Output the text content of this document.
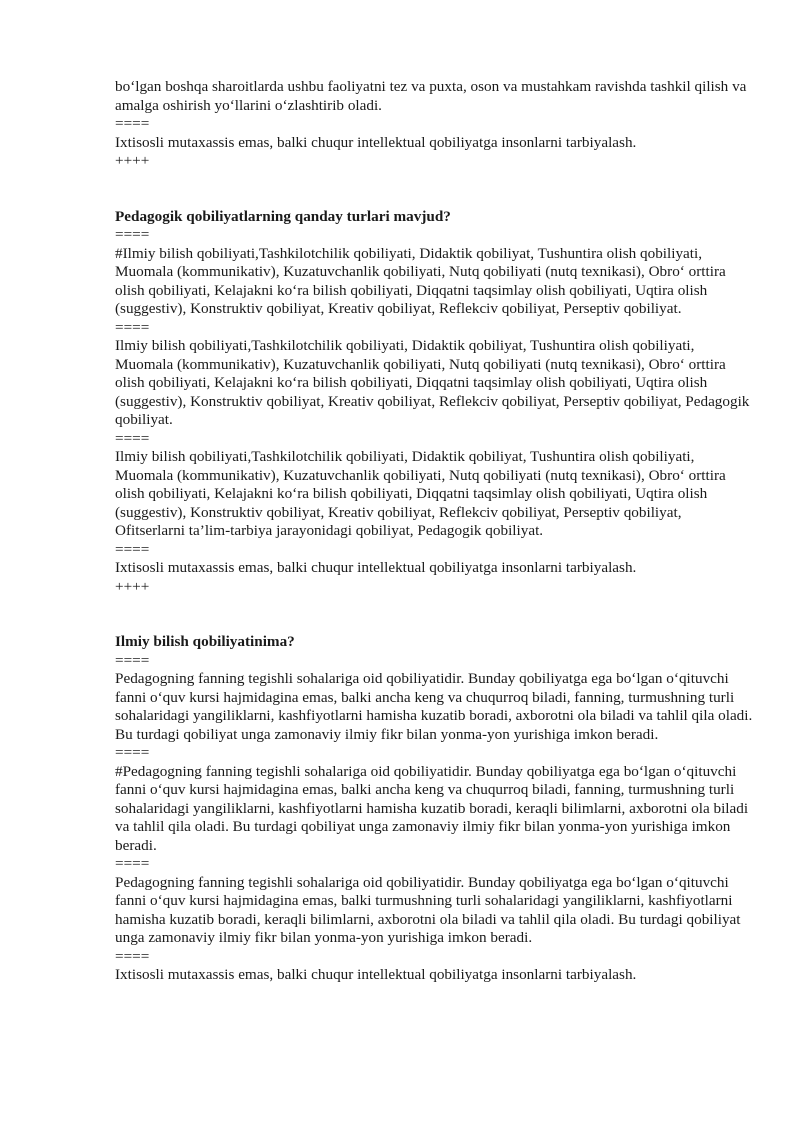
bo‘lgan boshqa sharoitlarda ushbu faoliyatni tez va puxta, oson va mustahkam ravishda tashkil qilish va amalga oshirish yo‘llarini o‘zlashtirib oladi.

====

Ixtisosli mutaxassis emas, balki chuqur intellektual qobiliyatga insonlarni tarbiyalash.

++++

Pedagogik qobiliyatlarning qanday turlari mavjud?

====

#Ilmiy bilish qobiliyati,Tashkilotchilik qobiliyati, Didaktik qobiliyat, Tushuntira olish qobiliyati, Muomala (kommunikativ), Kuzatuvchanlik qobiliyati, Nutq qobiliyati (nutq texnikasi), Obro‘ orttira olish qobiliyati, Kelajakni ko‘ra bilish qobiliyati, Diqqatni taqsimlay olish qobiliyati, Uqtira olish (suggestiv), Konstruktiv qobiliyat, Kreativ qobiliyat, Reflekciv qobiliyat, Perseptiv qobiliyat.

====

Ilmiy bilish qobiliyati,Tashkilotchilik qobiliyati, Didaktik qobiliyat, Tushuntira olish qobiliyati, Muomala (kommunikativ), Kuzatuvchanlik qobiliyati, Nutq qobiliyati (nutq texnikasi), Obro‘ orttira olish qobiliyati, Kelajakni ko‘ra bilish qobiliyati, Diqqatni taqsimlay olish qobiliyati, Uqtira olish (suggestiv), Konstruktiv qobiliyat, Kreativ qobiliyat, Reflekciv qobiliyat, Perseptiv qobiliyat, Pedagogik qobiliyat.

====

Ilmiy bilish qobiliyati,Tashkilotchilik qobiliyati, Didaktik qobiliyat, Tushuntira olish qobiliyati, Muomala (kommunikativ), Kuzatuvchanlik qobiliyati, Nutq qobiliyati (nutq texnikasi), Obro‘ orttira olish qobiliyati, Kelajakni ko‘ra bilish qobiliyati, Diqqatni taqsimlay olish qobiliyati, Uqtira olish (suggestiv), Konstruktiv qobiliyat, Kreativ qobiliyat, Reflekciv qobiliyat, Perseptiv qobiliyat, Ofitserlarni ta’lim-tarbiya jarayonidagi qobiliyat, Pedagogik qobiliyat.

====

Ixtisosli mutaxassis emas, balki chuqur intellektual qobiliyatga insonlarni tarbiyalash.

++++

Ilmiy bilish qobiliyatinima?

====

Pedagogning fanning tegishli sohalariga oid qobiliyatidir. Bunday qobiliyatga ega bo‘lgan o‘qituvchi fanni o‘quv kursi hajmidagina emas, balki ancha keng va chuqurroq biladi, fanning, turmushning turli sohalaridagi yangiliklarni, kashfiyotlarni hamisha kuzatib boradi, axborotni ola biladi va tahlil qila oladi. Bu turdagi qobiliyat unga zamonaviy ilmiy fikr bilan yonma-yon yurishiga imkon beradi.

====

#Pedagogning fanning tegishli sohalariga oid qobiliyatidir. Bunday qobiliyatga ega bo‘lgan o‘qituvchi fanni o‘quv kursi hajmidagina emas, balki ancha keng va chuqurroq biladi, fanning, turmushning turli sohalaridagi yangiliklarni, kashfiyotlarni hamisha kuzatib boradi, keraqli bilimlarni, axborotni ola biladi va tahlil qila oladi. Bu turdagi qobiliyat unga zamonaviy ilmiy fikr bilan yonma-yon yurishiga imkon beradi.

====

Pedagogning fanning tegishli sohalariga oid qobiliyatidir. Bunday qobiliyatga ega bo‘lgan o‘qituvchi fanni o‘quv kursi hajmidagina emas, balki turmushning turli sohalaridagi yangiliklarni, kashfiyotlarni hamisha kuzatib boradi, keraqli bilimlarni, axborotni ola biladi va tahlil qila oladi. Bu turdagi qobiliyat unga zamonaviy ilmiy fikr bilan yonma-yon yurishiga imkon beradi.

====

Ixtisosli mutaxassis emas, balki chuqur intellektual qobiliyatga insonlarni tarbiyalash.
